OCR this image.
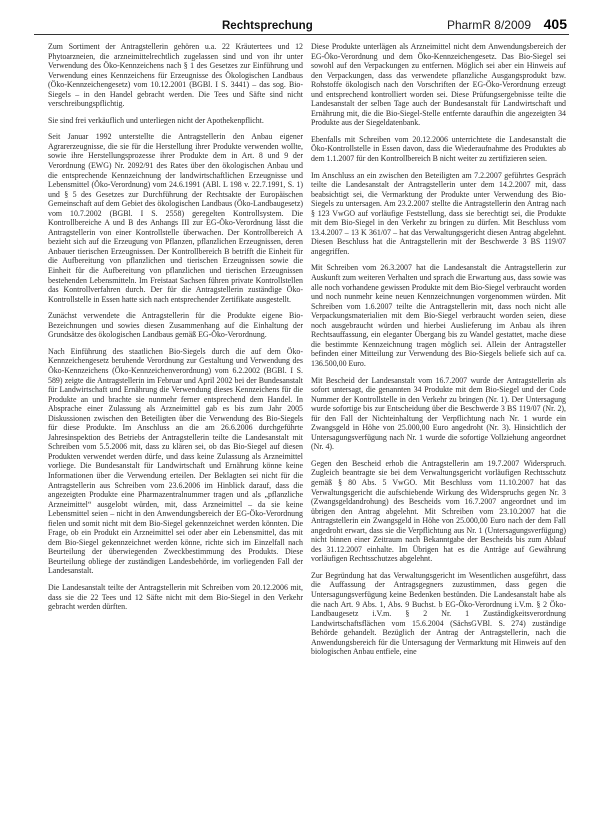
Rechtsprechung	PharmR 8/2009 405

Zum Sortiment der Antragstellerin gehören u.a. 22 Kräutertees und 12 Phytoarzneien, die arzneimittelrechtlich zugelassen sind und von ihr unter Verwendung des Öko-Kennzeichens nach § 1 des Gesetzes zur Einführung und Verwendung eines Kennzeichens für Erzeugnisse des Ökologischen Landbaus (Öko-Kennzeichengesetz) vom 10.12.2001 (BGBl. I S. 3441) – das sog. Bio-Siegels – in den Handel gebracht werden. Die Tees und Säfte sind nicht verschreibungspflichtig.

Sie sind frei verkäuflich und unterliegen nicht der Apothekenpflicht.

Seit Januar 1992 unterstellte die Antragstellerin den Anbau eigener Agrarerzeugnisse, die sie für die Herstellung ihrer Produkte verwenden wollte, sowie ihre Herstellungsprozesse ihrer Produkte dem in Art. 8 und 9 der Verordnung (EWG) Nr. 2092/91 des Rates über den ökologischen Anbau und die entsprechende Kennzeichnung der landwirtschaftlichen Erzeugnisse und Lebensmittel (Öko-Verordnung) vom 24.6.1991 (ABl. L 198 v. 22.7.1991, S. 1) und § 5 des Gesetzes zur Durchführung der Rechtsakte der Europäischen Gemeinschaft auf dem Gebiet des ökologischen Landbaus (Öko-Landbaugesetz) vom 10.7.2002 (BGBl. I S. 2558) geregelten Kontrollsystem. Die Kontrollbereiche A und B des Anhangs III zur EG-Öko-Verordnung lässt die Antragstellerin von einer Kontrollstelle überwachen. Der Kontrollbereich A bezieht sich auf die Erzeugung von Pflanzen, pflanzlichen Erzeugnissen, deren Anbauer tierischen Erzeugnissen. Der Kontrollbereich B betrifft die Einheit für die Aufbereitung von pflanzlichen und tierischen Erzeugnissen sowie die Einheit für die Aufbereitung von pflanzlichen und tierischen Erzeugnissen bestehenden Lebensmitteln. Im Freistaat Sachsen führen private Kontrollstellen das Kontrollverfahren durch. Der für die Antragstellerin zuständige Öko-Kontrollstelle in Essen hatte sich nach entsprechender Zertifikate ausgestellt.

Zunächst verwendete die Antragstellerin für die Produkte eigene Bio-Bezeichnungen und sowies diesen Zusammenhang auf die Einhaltung der Grundsätze des ökologischen Landbaus gemäß EG-Öko-Verordnung.

Nach Einführung des staatlichen Bio-Siegels durch die auf dem Öko-Kennzeichengesetz beruhende Verordnung zur Gestaltung und Verwendung des Öko-Kennzeichens (Öko-Kennzeichenverordnung) vom 6.2.2002 (BGBl. I S. 589) zeigte die Antragstellerin im Februar und April 2002 bei der Bundesanstalt für Landwirtschaft und Ernährung die Verwendung dieses Kennzeichens für die Produkte an und brachte sie nunmehr ferner entsprechend dem Handel. In Absprache einer Zulassung als Arzneimittel gab es bis zum Jahr 2005 Diskussionen zwischen den Beteiligten über die Verwendung des Bio-Siegels für diese Produkte. Im Anschluss an die am 26.6.2006 durchgeführte Jahresinspektion des Betriebs der Antragstellerin teilte die Landesanstalt mit Schreiben vom 5.5.2006 mit, dass zu klären sei, ob das Bio-Siegel auf diesen Produkten verwendet werden dürfe, und dass keine Zulassung als Arzneimittel vorliege. Die Bundesanstalt für Landwirtschaft und Ernährung könne keine Informationen über die Verwendung erteilen. Der Beklagten sei nicht für die Antragstellerin aus Schreiben vom 23.6.2006 im Hinblick darauf, dass die angezeigten Produkte eine Pharmazentralnummer tragen und als „pflanzliche Arzneimittel“ ausgelobt würden, mit, dass Arzneimittel – da sie keine Lebensmittel seien – nicht in den Anwendungsbereich der EG-Öko-Verordnung fielen und somit nicht mit dem Bio-Siegel gekennzeichnet werden könnten. Die Frage, ob ein Produkt ein Arzneimittel sei oder aber ein Lebensmittel, das mit dem Bio-Siegel gekennzeichnet werden könne, richte sich im Einzelfall nach Beurteilung der überwiegenden Zweckbestimmung des Produkts. Diese Beurteilung obliege der zuständigen Landesbehörde, im vorliegenden Fall der Landesanstalt.

Die Landesanstalt teilte der Antragstellerin mit Schreiben vom 20.12.2006 mit, dass sie die 22 Tees und 12 Säfte nicht mit dem Bio-Siegel in den Verkehr gebracht werden dürften.

Diese Produkte unterlägen als Arzneimittel nicht dem Anwendungsbereich der EG-Öko-Verordnung und dem Öko-Kennzeichengesetz. Das Bio-Siegel sei sowohl auf den Verpackungen zu entfernen. Möglich sei aber ein Hinweis auf den Verpackungen, dass das verwendete pflanzliche Ausgangsprodukt bzw. Rohstoffe ökologisch nach den Vorschriften der EG-Öko-Verordnung erzeugt und entsprechend kontrolliert worden sei. Diese Prüfungsergebnisse teilte die Landesanstalt der selben Tage auch der Bundesanstalt für Landwirtschaft und Ernährung mit, die die Bio-Siegel-Stelle entfernte daraufhin die angezeigten 34 Produkte aus der Siegeldatenbank.

Ebenfalls mit Schreiben vom 20.12.2006 unterrichtete die Landesanstalt die Öko-Kontrollstelle in Essen davon, dass die Wiederaufnahme des Produktes ab dem 1.1.2007 für den Kontrollbereich B nicht weiter zu zertifizieren seien.

Im Anschluss an ein zwischen den Beteiligten am 7.2.2007 geführtes Gespräch teilte die Landesanstalt der Antragstellerin unter dem 14.2.2007 mit, dass beabsichtigt sei, die Vermarktung der Produkte unter Verwendung des Bio-Siegels zu untersagen. Am 23.2.2007 stellte die Antragstellerin den Antrag nach § 123 VwGO auf vorläufige Feststellung, dass sie berechtigt sei, die Produkte mit dem Bio-Siegel in den Verkehr zu bringen zu dürfen. Mit Beschluss vom 13.4.2007 – 13 K 361/07 – hat das Verwaltungsgericht diesen Antrag abgelehnt. Diesen Beschluss hat die Antragstellerin mit der Beschwerde 3 BS 119/07 angegriffen.

Mit Schreiben vom 26.3.2007 hat die Landesanstalt die Antragstellerin zur Auskunft zum weiteren Verhalten und sprach die Erwartung aus, dass sowie was alle noch vorhandene gewissen Produkte mit dem Bio-Siegel verbraucht worden und noch nunmehr keine neuen Kennzeichnungen vorgenommen würden. Mit Schreiben vom 1.6.2007 teilte die Antragstellerin mit, dass noch nicht alle Verpackungsmaterialien mit dem Bio-Siegel verbraucht worden seien, diese noch ausgebraucht würden und hierbei Auslieferung im Anbau als ihren Rechtsauffassung, ein eleganter Übergang bis zu Wandel gestattet, mache diese die bestimmte Kennzeichnung tragen möglich sei. Allein der Antragsteller befinden einer Mitteilung zur Verwendung des Bio-Siegels beliefe sich auf ca. 136.500,00 Euro.

Mit Bescheid der Landesanstalt vom 16.7.2007 wurde der Antragstellerin als sofort untersagt, die genannten 34 Produkte mit dem Bio-Siegel und der Code Nummer der Kontrollstelle in den Verkehr zu bringen (Nr. 1). Der Untersagung wurde sofortige bis zur Entscheidung über die Beschwerde 3 BS 119/07 (Nr. 2), für den Fall der Nichteinhaltung der Verpflichtung nach Nr. 1 wurde ein Zwangsgeld in Höhe von 25.000,00 Euro angedroht (Nr. 3). Hinsichtlich der Untersagungsverfügung nach Nr. 1 wurde die sofortige Vollziehung angeordnet (Nr. 4).

Gegen den Bescheid erhob die Antragstellerin am 19.7.2007 Widerspruch. Zugleich beantragte sie bei dem Verwaltungsgericht vorläufigen Rechtsschutz gemäß § 80 Abs. 5 VwGO. Mit Beschluss vom 11.10.2007 hat das Verwaltungsgericht die aufschiebende Wirkung des Widerspruchs gegen Nr. 3 (Zwangsgeldandrohung) des Bescheids vom 16.7.2007 angeordnet und im übrigen den Antrag abgelehnt. Mit Schreiben vom 23.10.2007 hat die Antragstellerin ein Zwangsgeld in Höhe von 25.000,00 Euro nach der dem Fall angedroht erwart, dass sie die Verpflichtung aus Nr. 1 (Untersagungsverfügung) nicht binnen einer Zeitraum nach Bekanntgabe der Bescheids bis zum Ablauf des 31.12.2007 einhalte. Im Übrigen hat es die Anträge auf Gewährung vorläufigen Rechtsschutzes abgelehnt.

Zur Begründung hat das Verwaltungsgericht im Wesentlichen ausgeführt, dass die Auffassung der Antragsgegners zuzustimmen, dass gegen die Untersagungsverfügung keine Bedenken bestünden. Die Landesanstalt habe als die nach Art. 9 Abs. 1, Abs. 9 Buchst. b EG-Öko-Verordnung i.V.m. § 2 Öko-Landbaugesetz i.V.m. § 2 Nr. 1 Zuständigkeitsverordnung Landwirtschaftsflächen vom 15.6.2004 (SächsGVBl. S. 274) zuständige Behörde gehandelt. Bezüglich der Antrag der Antragstellerin, nach die Anwendungsbereich für die Untersagung der Vermarktung mit Hinweis auf den biologischen Anbau entfiele, eine
